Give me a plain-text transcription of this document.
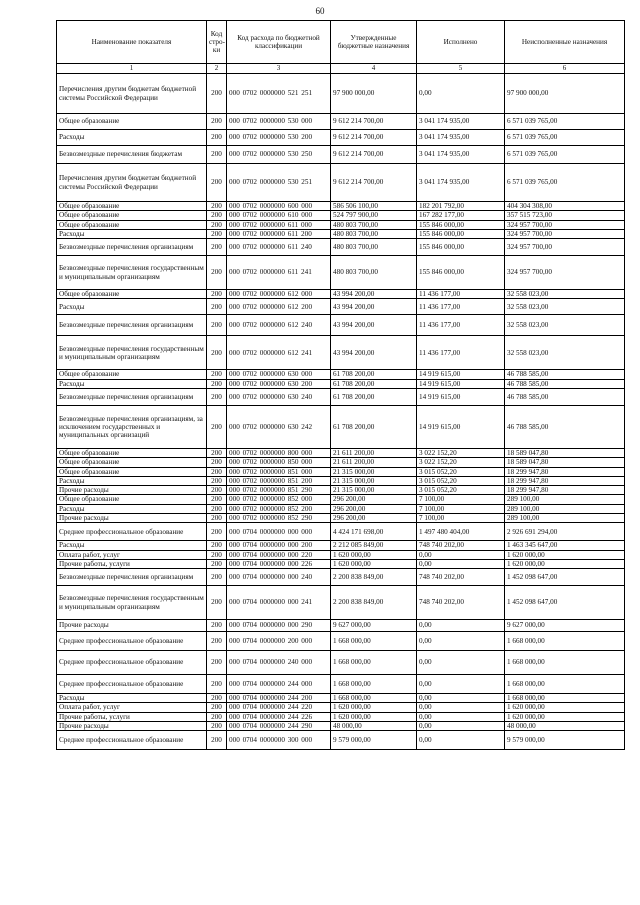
60
Наименование показателя	Код стро-ки	Код расхода по бюджетной классификации	Утвержденные бюджетные назначения	Исполнено	Неисполненные назначения
1	2	3	4	5	6
Перечисления другим бюджетам бюджетной системы Российской Федерации	200	000 0702 0000000 521 251	97 900 000,00	0,00	97 900 000,00
Общее образование	200	000 0702 0000000 530 000	9 612 214 700,00	3 041 174 935,00	6 571 039 765,00
Расходы	200	000 0702 0000000 530 200	9 612 214 700,00	3 041 174 935,00	6 571 039 765,00
Безвозмездные перечисления бюджетам	200	000 0702 0000000 530 250	9 612 214 700,00	3 041 174 935,00	6 571 039 765,00
Перечисления другим бюджетам бюджетной системы Российской Федерации	200	000 0702 0000000 530 251	9 612 214 700,00	3 041 174 935,00	6 571 039 765,00
Общее образование	200	000 0702 0000000 600 000	586 506 100,00	182 201 792,00	404 304 308,00
Общее образование	200	000 0702 0000000 610 000	524 797 900,00	167 282 177,00	357 515 723,00
Общее образование	200	000 0702 0000000 611 000	480 803 700,00	155 846 000,00	324 957 700,00
Расходы	200	000 0702 0000000 611 200	480 803 700,00	155 846 000,00	324 957 700,00
Безвозмездные перечисления организациям	200	000 0702 0000000 611 240	480 803 700,00	155 846 000,00	324 957 700,00
Безвозмездные перечисления государственным и муниципальным организациям	200	000 0702 0000000 611 241	480 803 700,00	155 846 000,00	324 957 700,00
Общее образование	200	000 0702 0000000 612 000	43 994 200,00	11 436 177,00	32 558 023,00
Расходы	200	000 0702 0000000 612 200	43 994 200,00	11 436 177,00	32 558 023,00
Безвозмездные перечисления организациям	200	000 0702 0000000 612 240	43 994 200,00	11 436 177,00	32 558 023,00
Безвозмездные перечисления государственным и муниципальным организациям	200	000 0702 0000000 612 241	43 994 200,00	11 436 177,00	32 558 023,00
Общее образование	200	000 0702 0000000 630 000	61 708 200,00	14 919 615,00	46 788 585,00
Расходы	200	000 0702 0000000 630 200	61 708 200,00	14 919 615,00	46 788 585,00
Безвозмездные перечисления организациям	200	000 0702 0000000 630 240	61 708 200,00	14 919 615,00	46 788 585,00
Безвозмездные перечисления организациям, за исключением государственных и муниципальных организаций	200	000 0702 0000000 630 242	61 708 200,00	14 919 615,00	46 788 585,00
Общее образование	200	000 0702 0000000 800 000	21 611 200,00	3 022 152,20	18 589 047,80
Общее образование	200	000 0702 0000000 850 000	21 611 200,00	3 022 152,20	18 589 047,80
Общее образование	200	000 0702 0000000 851 000	21 315 000,00	3 015 052,20	18 299 947,80
Расходы	200	000 0702 0000000 851 200	21 315 000,00	3 015 052,20	18 299 947,80
Прочие расходы	200	000 0702 0000000 851 290	21 315 000,00	3 015 052,20	18 299 947,80
Общее образование	200	000 0702 0000000 852 000	296 200,00	7 100,00	289 100,00
Расходы	200	000 0702 0000000 852 200	296 200,00	7 100,00	289 100,00
Прочие расходы	200	000 0702 0000000 852 290	296 200,00	7 100,00	289 100,00
Среднее профессиональное образование	200	000 0704 0000000 000 000	4 424 171 698,00	1 497 480 404,00	2 926 691 294,00
Расходы	200	000 0704 0000000 000 200	2 212 085 849,00	748 740 202,00	1 463 345 647,00
Оплата работ, услуг	200	000 0704 0000000 000 220	1 620 000,00	0,00	1 620 000,00
Прочие работы, услуги	200	000 0704 0000000 000 226	1 620 000,00	0,00	1 620 000,00
Безвозмездные перечисления организациям	200	000 0704 0000000 000 240	2 200 838 849,00	748 740 202,00	1 452 098 647,00
Безвозмездные перечисления государственным и муниципальным организациям	200	000 0704 0000000 000 241	2 200 838 849,00	748 740 202,00	1 452 098 647,00
Прочие расходы	200	000 0704 0000000 000 290	9 627 000,00	0,00	9 627 000,00
Среднее профессиональное образование	200	000 0704 0000000 200 000	1 668 000,00	0,00	1 668 000,00
Среднее профессиональное образование	200	000 0704 0000000 240 000	1 668 000,00	0,00	1 668 000,00
Среднее профессиональное образование	200	000 0704 0000000 244 000	1 668 000,00	0,00	1 668 000,00
Расходы	200	000 0704 0000000 244 200	1 668 000,00	0,00	1 668 000,00
Оплата работ, услуг	200	000 0704 0000000 244 220	1 620 000,00	0,00	1 620 000,00
Прочие работы, услуги	200	000 0704 0000000 244 226	1 620 000,00	0,00	1 620 000,00
Прочие расходы	200	000 0704 0000000 244 290	48 000,00	0,00	48 000,00
Среднее профессиональное образование	200	000 0704 0000000 300 000	9 579 000,00	0,00	9 579 000,00
